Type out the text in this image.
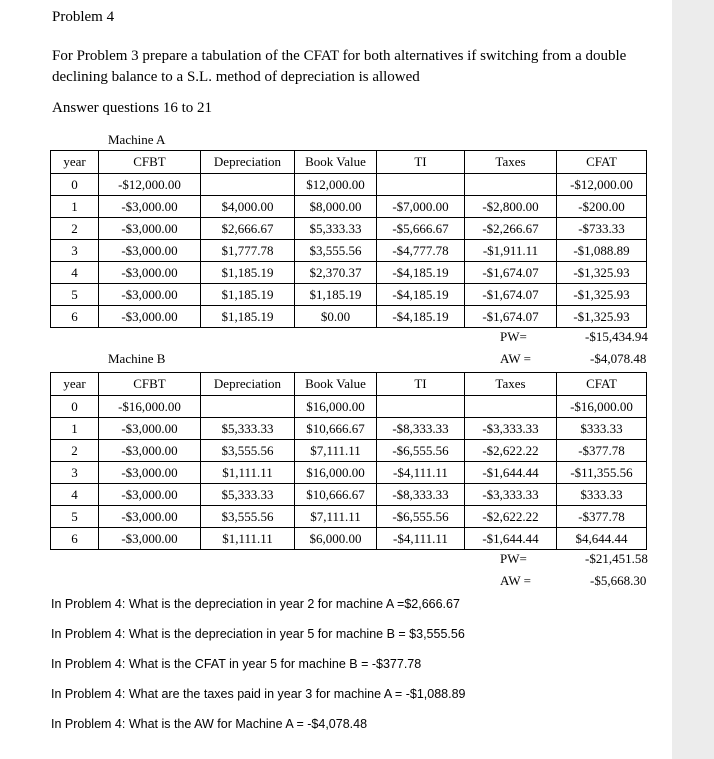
Problem 4
For Problem 3 prepare a tabulation of the CFAT for both alternatives if switching from a double declining balance to a S.L. method of depreciation is allowed
Answer questions 16 to 21
Machine A
year	CFBT	Depreciation	Book Value	TI	Taxes	CFAT
0	-$12,000.00		$12,000.00			-$12,000.00
1	-$3,000.00	$4,000.00	$8,000.00	-$7,000.00	-$2,800.00	-$200.00
2	-$3,000.00	$2,666.67	$5,333.33	-$5,666.67	-$2,266.67	-$733.33
3	-$3,000.00	$1,777.78	$3,555.56	-$4,777.78	-$1,911.11	-$1,088.89
4	-$3,000.00	$1,185.19	$2,370.37	-$4,185.19	-$1,674.07	-$1,325.93
5	-$3,000.00	$1,185.19	$1,185.19	-$4,185.19	-$1,674.07	-$1,325.93
6	-$3,000.00	$1,185.19	$0.00	-$4,185.19	-$1,674.07	-$1,325.93
PW=	-$15,434.94
Machine B	AW =	-$4,078.48
year	CFBT	Depreciation	Book Value	TI	Taxes	CFAT
0	-$16,000.00		$16,000.00			-$16,000.00
1	-$3,000.00	$5,333.33	$10,666.67	-$8,333.33	-$3,333.33	$333.33
2	-$3,000.00	$3,555.56	$7,111.11	-$6,555.56	-$2,622.22	-$377.78
3	-$3,000.00	$1,111.11	$16,000.00	-$4,111.11	-$1,644.44	-$11,355.56
4	-$3,000.00	$5,333.33	$10,666.67	-$8,333.33	-$3,333.33	$333.33
5	-$3,000.00	$3,555.56	$7,111.11	-$6,555.56	-$2,622.22	-$377.78
6	-$3,000.00	$1,111.11	$6,000.00	-$4,111.11	-$1,644.44	$4,644.44
PW=	-$21,451.58
AW =	-$5,668.30
In Problem 4: What is the depreciation in year 2 for machine A =$2,666.67
In Problem 4: What is the depreciation in year 5 for machine B = $3,555.56
In Problem 4: What is the CFAT in year 5 for machine B = -$377.78
In Problem 4: What are the taxes paid in year 3 for machine A = -$1,088.89
In Problem 4: What is the AW for Machine A = -$4,078.48
